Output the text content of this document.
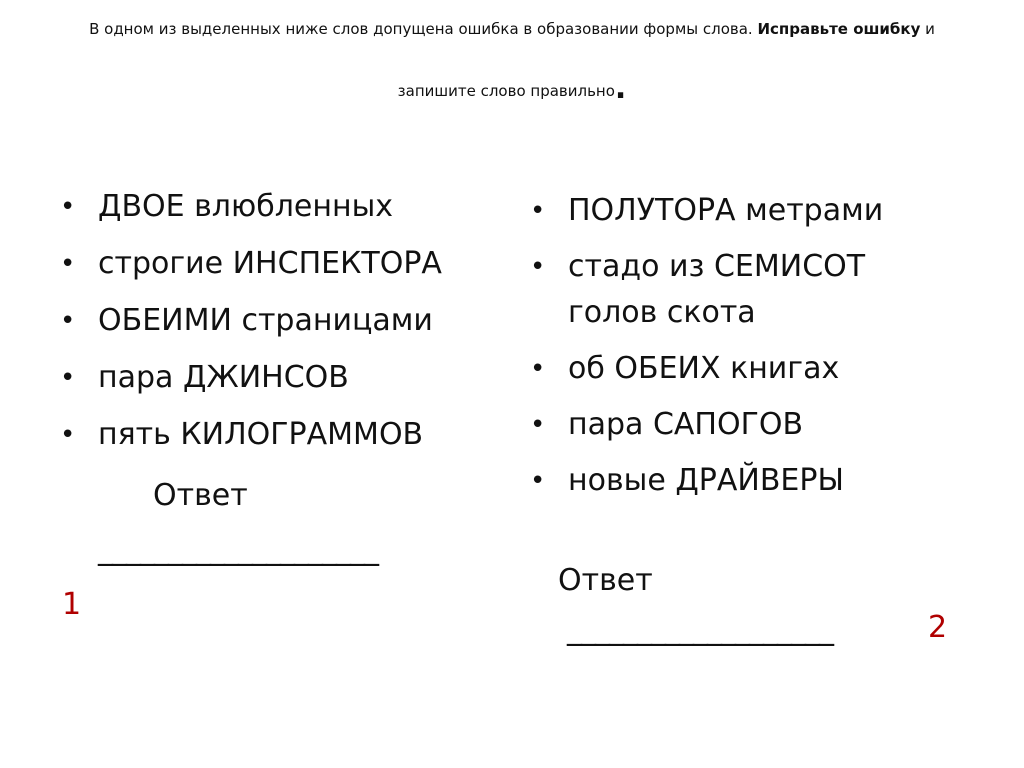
В одном из выделенных ниже слов допущена ошибка в образовании формы слова. Исправьте ошибку и
запишите слово правильно.
• ДВОЕ влюбленных
• строгие ИНСПЕКТОРА
• ОБЕИМИ страницами
• пара ДЖИНСОВ
• пять КИЛОГРАММОВ
Ответ
____________________
1
• ПОЛУТОРА метрами
• стадо из СЕМИСОТ голов скота
• об ОБЕИХ книгах
• пара САПОГОВ
• новые ДРАЙВЕРЫ
Ответ
___________________	2
